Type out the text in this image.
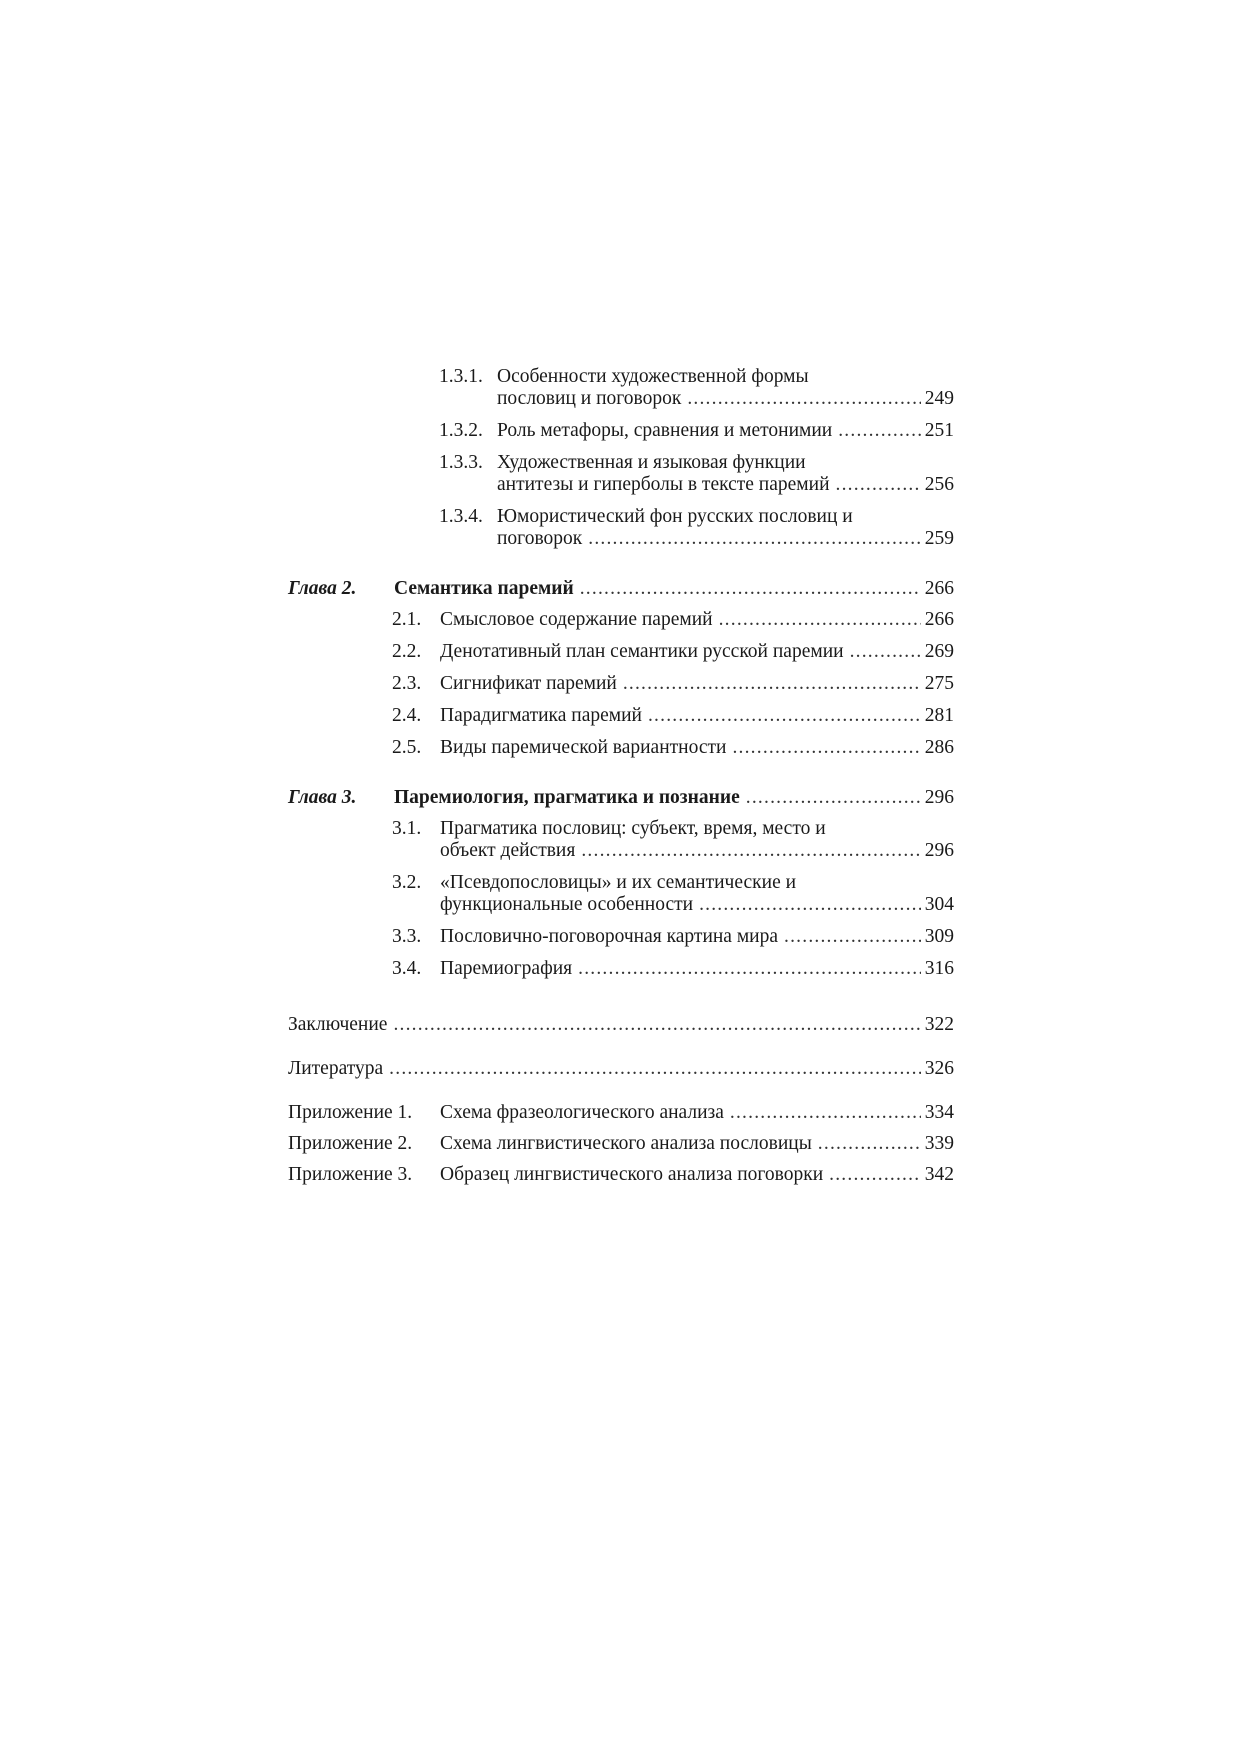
1.3.1. Особенности художественной формы
пословиц и поговорок .....	249
1.3.2. Роль метафоры, сравнения и метонимии .....	251
1.3.3. Художественная и языковая функции
антитезы и гиперболы в тексте паремий .....	256
1.3.4. Юмористический фон русских пословиц и
поговорок .....	259
Глава 2.	Семантика паремий .....	266
2.1. Смысловое содержание паремий .....	266
2.2. Денотативный план семантики русской паремии .....	269
2.3. Сигнификат паремий .....	275
2.4. Парадигматика паремий .....	281
2.5. Виды паремической вариантности .....	286
Глава 3.	Паремиология, прагматика и познание .....	296
3.1. Прагматика пословиц: субъект, время, место и
объект действия .....	296
3.2. «Псевдопословицы» и их семантические и
функциональные особенности .....	304
3.3. Пословично-поговорочная картина мира .....	309
3.4. Паремиография .....	316
Заключение .....	322
Литература .....	326
Приложение 1.	Схема фразеологического анализа .....	334
Приложение 2.	Схема лингвистического анализа пословицы .....	339
Приложение 3.	Образец лингвистического анализа поговорки .....	342
